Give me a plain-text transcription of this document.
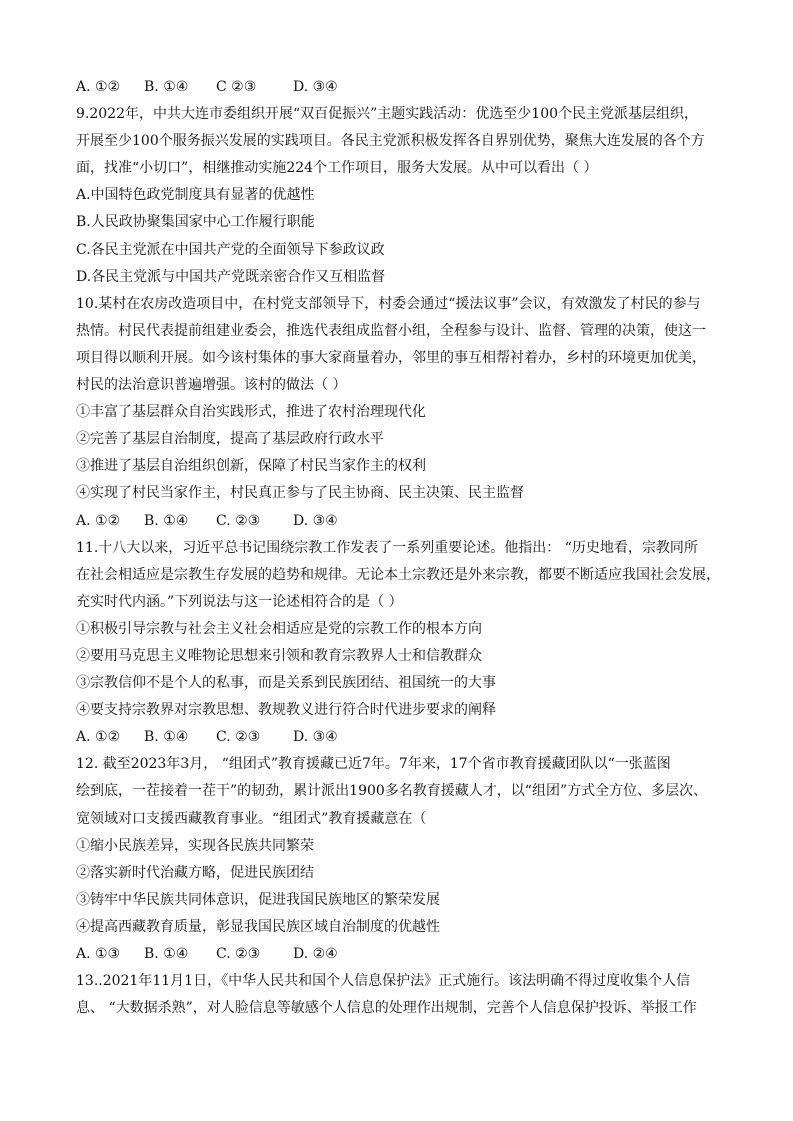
A. ①② B. ①④ C ②③	D. ③④
9.2022年，中共大连市委组织开展“双百促振兴”主题实践活动：优选至少100个民主党派基层组织，
开展至少100个服务振兴发展的实践项目。各民主党派积极发挥各自界别优势，聚焦大连发展的各个方
面，找准“小切口”，相继推动实施224个工作项目，服务大发展。从中可以看出（ ）
A.中国特色政党制度具有显著的优越性
B.人民政协聚集国家中心工作履行职能
C.各民主党派在中国共产党的全面领导下参政议政
D.各民主党派与中国共产党既亲密合作又互相监督
10.某村在农房改造项目中，在村党支部领导下，村委会通过“援法议事”会议，有效激发了村民的参与
热情。村民代表提前组建业委会，推选代表组成监督小组，全程参与设计、监督、管理的决策，使这一
项目得以顺利开展。如今该村集体的事大家商量着办，邻里的事互相帮衬着办，乡村的环境更加优美，
村民的法治意识普遍增强。该村的做法（ ）
①丰富了基层群众自治实践形式，推进了农村治理现代化
②完善了基层自治制度，提高了基层政府行政水平
③推进了基层自治组织创新，保障了村民当家作主的权利
④实现了村民当家作主，村民真正参与了民主协商、民主决策、民主监督
A. ①② B. ①④ C. ②③ D. ③④
11.十八大以来，习近平总书记围绕宗教工作发表了一系列重要论述。他指出： “历史地看，宗教同所
在社会相适应是宗教生存发展的趋势和规律。无论本土宗教还是外来宗教，都要不断适应我国社会发展，
充实时代内涵。”下列说法与这一论述相符合的是（ ）
①积极引导宗教与社会主义社会相适应是党的宗教工作的根本方向
②要用马克思主义唯物论思想来引领和教育宗教界人士和信教群众
③宗教信仰不是个人的私事，而是关系到民族团结、祖国统一的大事
④要支持宗教界对宗教思想、教规教义进行符合时代进步要求的阐释
A. ①② B. ①④ C. ②③ D. ③④
12. 截至2023年3月， “组团式”教育援藏已近7年。7年来，17个省市教育援藏团队以“一张蓝图
绘到底，一茬接着一茬干”的韧劲，累计派出1900多名教育援藏人才，以“组团”方式全方位、多层次、
宽领域对口支援西藏教育事业。“组团式”教育援藏意在（
①缩小民族差异，实现各民族共同繁荣
②落实新时代治藏方略，促进民族团结
③铸牢中华民族共同体意识，促进我国民族地区的繁荣发展
④提高西藏教育质量，彰显我国民族区域自治制度的优越性
A. ①③ B. ①④ C. ②③ D. ②④
13..2021年11月1日，《中华人民共和国个人信息保护法》正式施行。该法明确不得过度收集个人信
息、 “大数据杀熟”，对人脸信息等敏感个人信息的处理作出规制，完善个人信息保护投诉、举报工作
